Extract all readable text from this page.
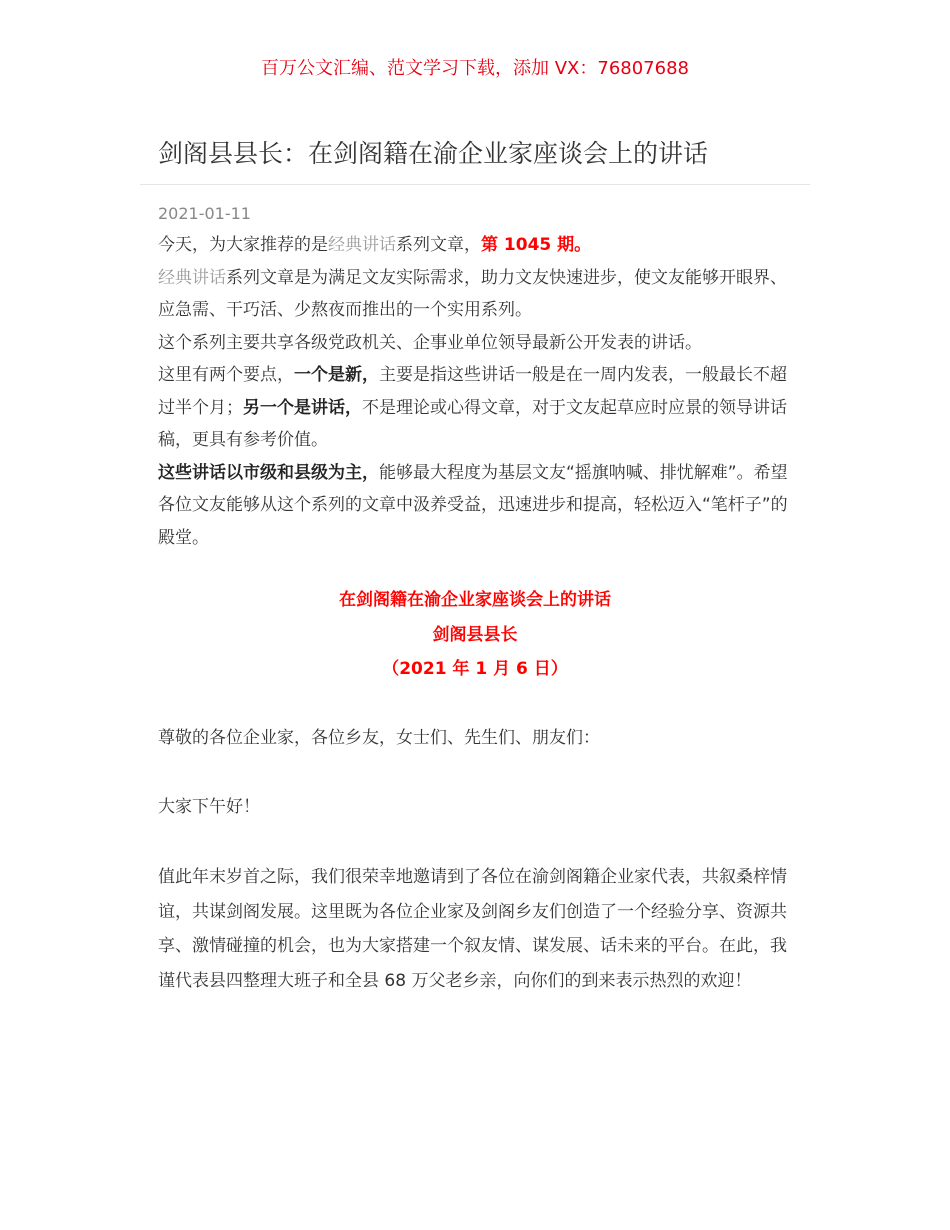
百万公文汇编、范文学习下载，添加 VX：76807688
剑阁县县长：在剑阁籍在渝企业家座谈会上的讲话
2021-01-11

今天，为大家推荐的是经典讲话系列文章，第 1045 期。

经典讲话系列文章是为满足文友实际需求，助力文友快速进步，使文友能够开眼界、应急需、干巧活、少熬夜而推出的一个实用系列。

这个系列主要共享各级党政机关、企事业单位领导最新公开发表的讲话。

这里有两个要点，一个是新，主要是指这些讲话一般是在一周内发表，一般最长不超过半个月；另一个是讲话，不是理论或心得文章，对于文友起草应时应景的领导讲话稿，更具有参考价值。

这些讲话以市级和县级为主，能够最大程度为基层文友“摇旗呐喊、排忧解难”。希望各位文友能够从这个系列的文章中汲养受益，迅速进步和提高，轻松迈入“笔杆子”的殿堂。

在剑阁籍在渝企业家座谈会上的讲话
剑阁县县长
（2021 年 1 月 6 日）

尊敬的各位企业家，各位乡友，女士们、先生们、朋友们：

大家下午好！

值此年末岁首之际，我们很荣幸地邀请到了各位在渝剑阁籍企业家代表，共叙桑梓情谊，共谋剑阁发展。这里既为各位企业家及剑阁乡友们创造了一个经验分享、资源共享、激情碰撞的机会，也为大家搭建一个叙友情、谋发展、话未来的平台。在此，我谨代表县四整理大班子和全县 68 万父老乡亲，向你们的到来表示热烈的欢迎！
